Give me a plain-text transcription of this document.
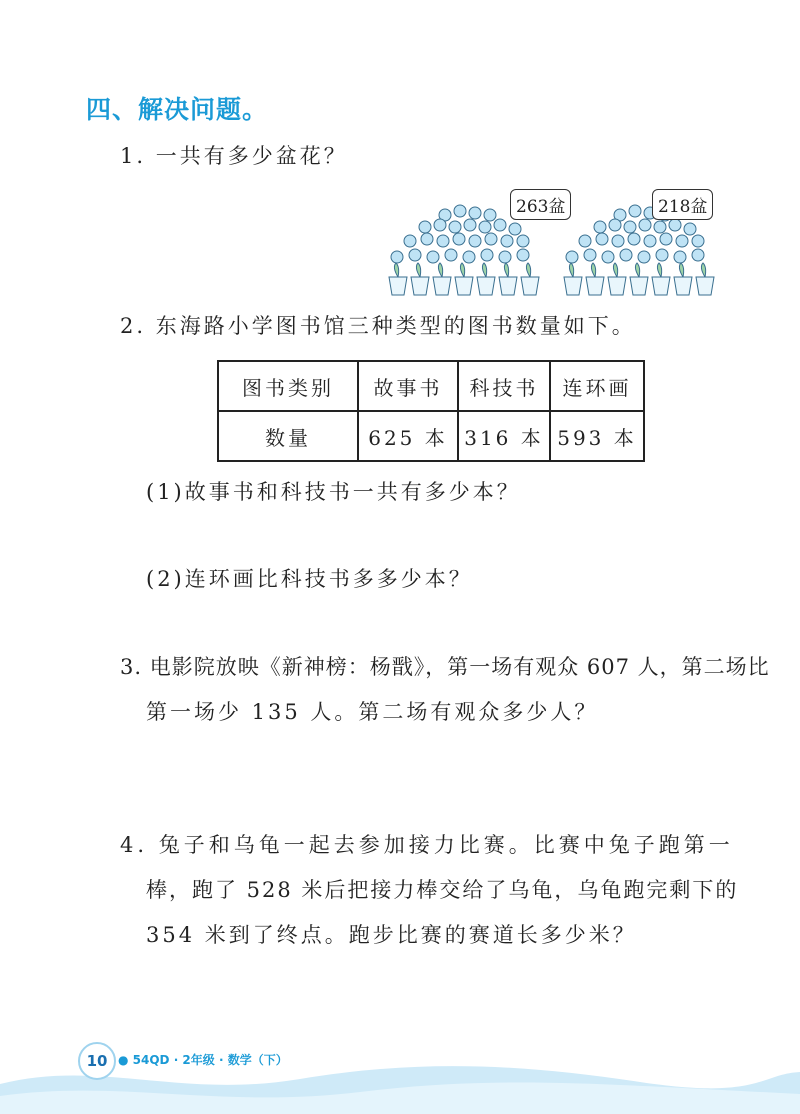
四、解决问题。
1. 一共有多少盆花？
263盆	218盆
2. 东海路小学图书馆三种类型的图书数量如下。
图书类别	故事书	科技书	连环画
数量	625 本	316 本	593 本
(1)故事书和科技书一共有多少本？
(2)连环画比科技书多多少本？
3. 电影院放映《新神榜：杨戬》，第一场有观众 607 人，第二场比
第一场少 135 人。第二场有观众多少人？
4. 兔子和乌龟一起去参加接力比赛。比赛中兔子跑第一
棒，跑了 528 米后把接力棒交给了乌龟，乌龟跑完剩下的
354 米到了终点。跑步比赛的赛道长多少米？
10 ● 54QD · 2年级 · 数学（下）
